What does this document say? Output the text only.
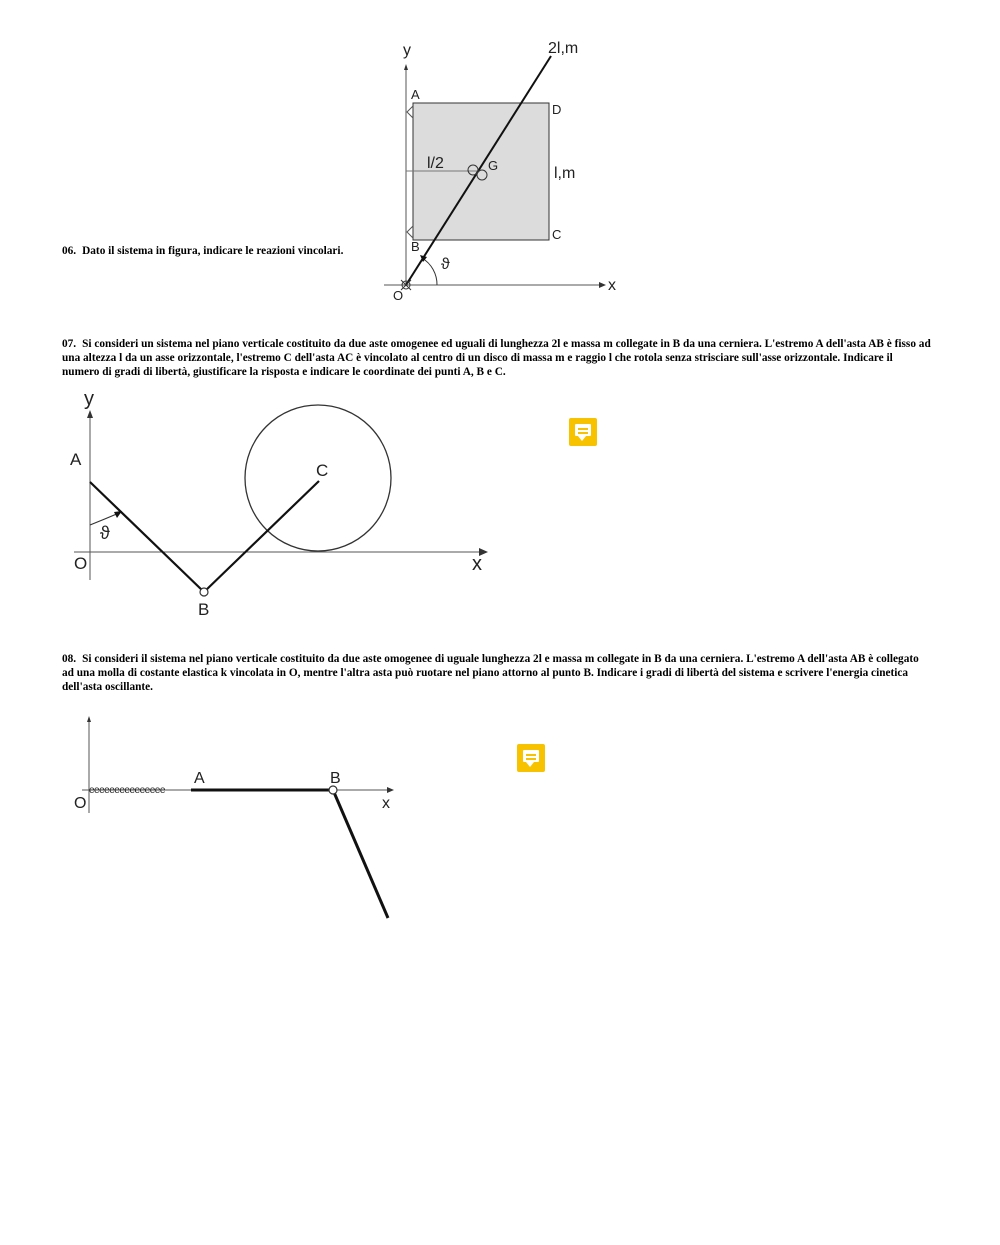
06. Dato il sistema in figura, indicare le reazioni vincolari.

y
x
l/2	G
ϑ
2l,m
l,m
A
D
C
B
O

07. Si consideri un sistema nel piano verticale costituito da due aste omogenee ed uguali di lunghezza 2l e massa m collegate in B da una cerniera. L'estremo A dell'asta AB è fisso ad una altezza l da un asse orizzontale, l'estremo C dell'asta AC è vincolato al centro di un disco di massa m e raggio l che rotola senza strisciare sull'asse orizzontale. Indicare il numero di gradi di libertà, giustificare la risposta e indicare le coordinate dei punti A, B e C.

y
x
ϑ
A
C
B
O

08. Si consideri il sistema nel piano verticale costituito da due aste omogenee di uguale lunghezza 2l e massa m collegate in B da una cerniera. L'estremo A dell'asta AB è collegato ad una molla di costante elastica k vincolata in O, mentre l'altra asta può ruotare nel piano attorno al punto B. Indicare i gradi di libertà del sistema e scrivere l'energia cinetica dell'asta oscillante.

x
eeeeeeeeeeeeeee
A	B
O
